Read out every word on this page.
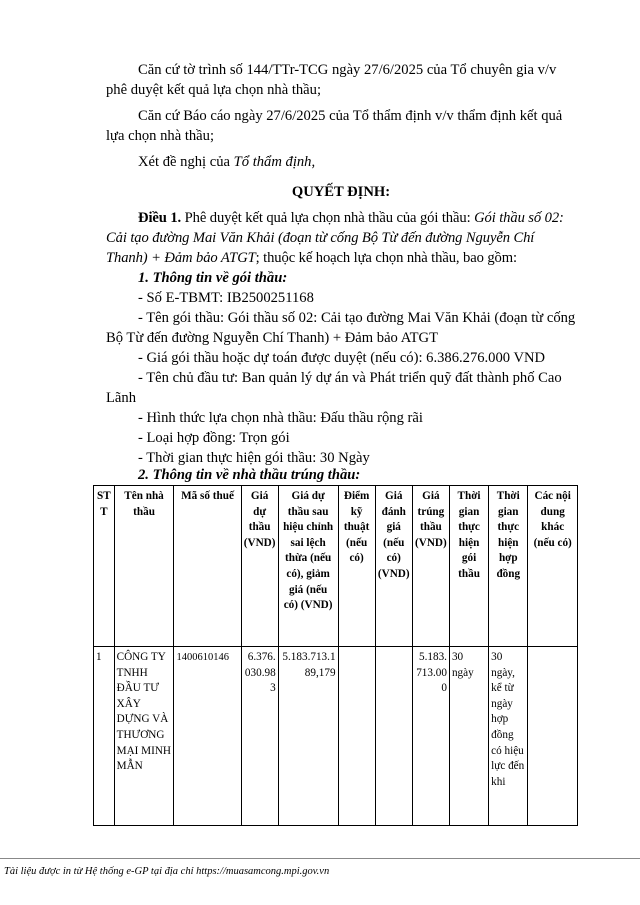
Căn cứ tờ trình số 144/TTr-TCG ngày 27/6/2025 của Tổ chuyên gia v/v phê duyệt kết quả lựa chọn nhà thầu;
Căn cứ Báo cáo ngày 27/6/2025 của Tổ thẩm định v/v thẩm định kết quả lựa chọn nhà thầu;
Xét đề nghị của Tổ thẩm định,
QUYẾT ĐỊNH:
Điều 1. Phê duyệt kết quả lựa chọn nhà thầu của gói thầu: Gói thầu số 02: Cải tạo đường Mai Văn Khải (đoạn từ cống Bộ Từ đến đường Nguyễn Chí Thanh) + Đảm bảo ATGT; thuộc kế hoạch lựa chọn nhà thầu, bao gồm:
1. Thông tin về gói thầu:
- Số E-TBMT: IB2500251168
- Tên gói thầu: Gói thầu số 02: Cải tạo đường Mai Văn Khải (đoạn từ cống Bộ Từ đến đường Nguyễn Chí Thanh) + Đảm bảo ATGT
- Giá gói thầu hoặc dự toán được duyệt (nếu có): 6.386.276.000 VND
- Tên chủ đầu tư: Ban quản lý dự án và Phát triển quỹ đất thành phố Cao Lãnh
- Hình thức lựa chọn nhà thầu: Đấu thầu rộng rãi
- Loại hợp đồng: Trọn gói
- Thời gian thực hiện gói thầu: 30 Ngày
2. Thông tin về nhà thầu trúng thầu:
STT	Tên nhà thầu	Mã số thuế	Giá dự thầu (VND)	Giá dự thầu sau hiệu chỉnh sai lệch thừa (nếu có), giảm giá (nếu có) (VND)	Điểm kỹ thuật (nếu có)	Giá đánh giá (nếu có) (VND)	Giá trúng thầu (VND)	Thời gian thực hiện gói thầu	Thời gian thực hiện hợp đồng	Các nội dung khác (nếu có)
1	CÔNG TY TNHH ĐẦU TƯ XÂY DỰNG VÀ THƯƠNG MẠI MINH MẪN	1400610146	6.376.030.983	5.183.713.189,179			5.183.713.000	30 ngày	30 ngày, kể từ ngày hợp đồng có hiệu lực đến khi	
Tài liệu được in từ Hệ thống e-GP tại địa chỉ https://muasamcong.mpi.gov.vn
